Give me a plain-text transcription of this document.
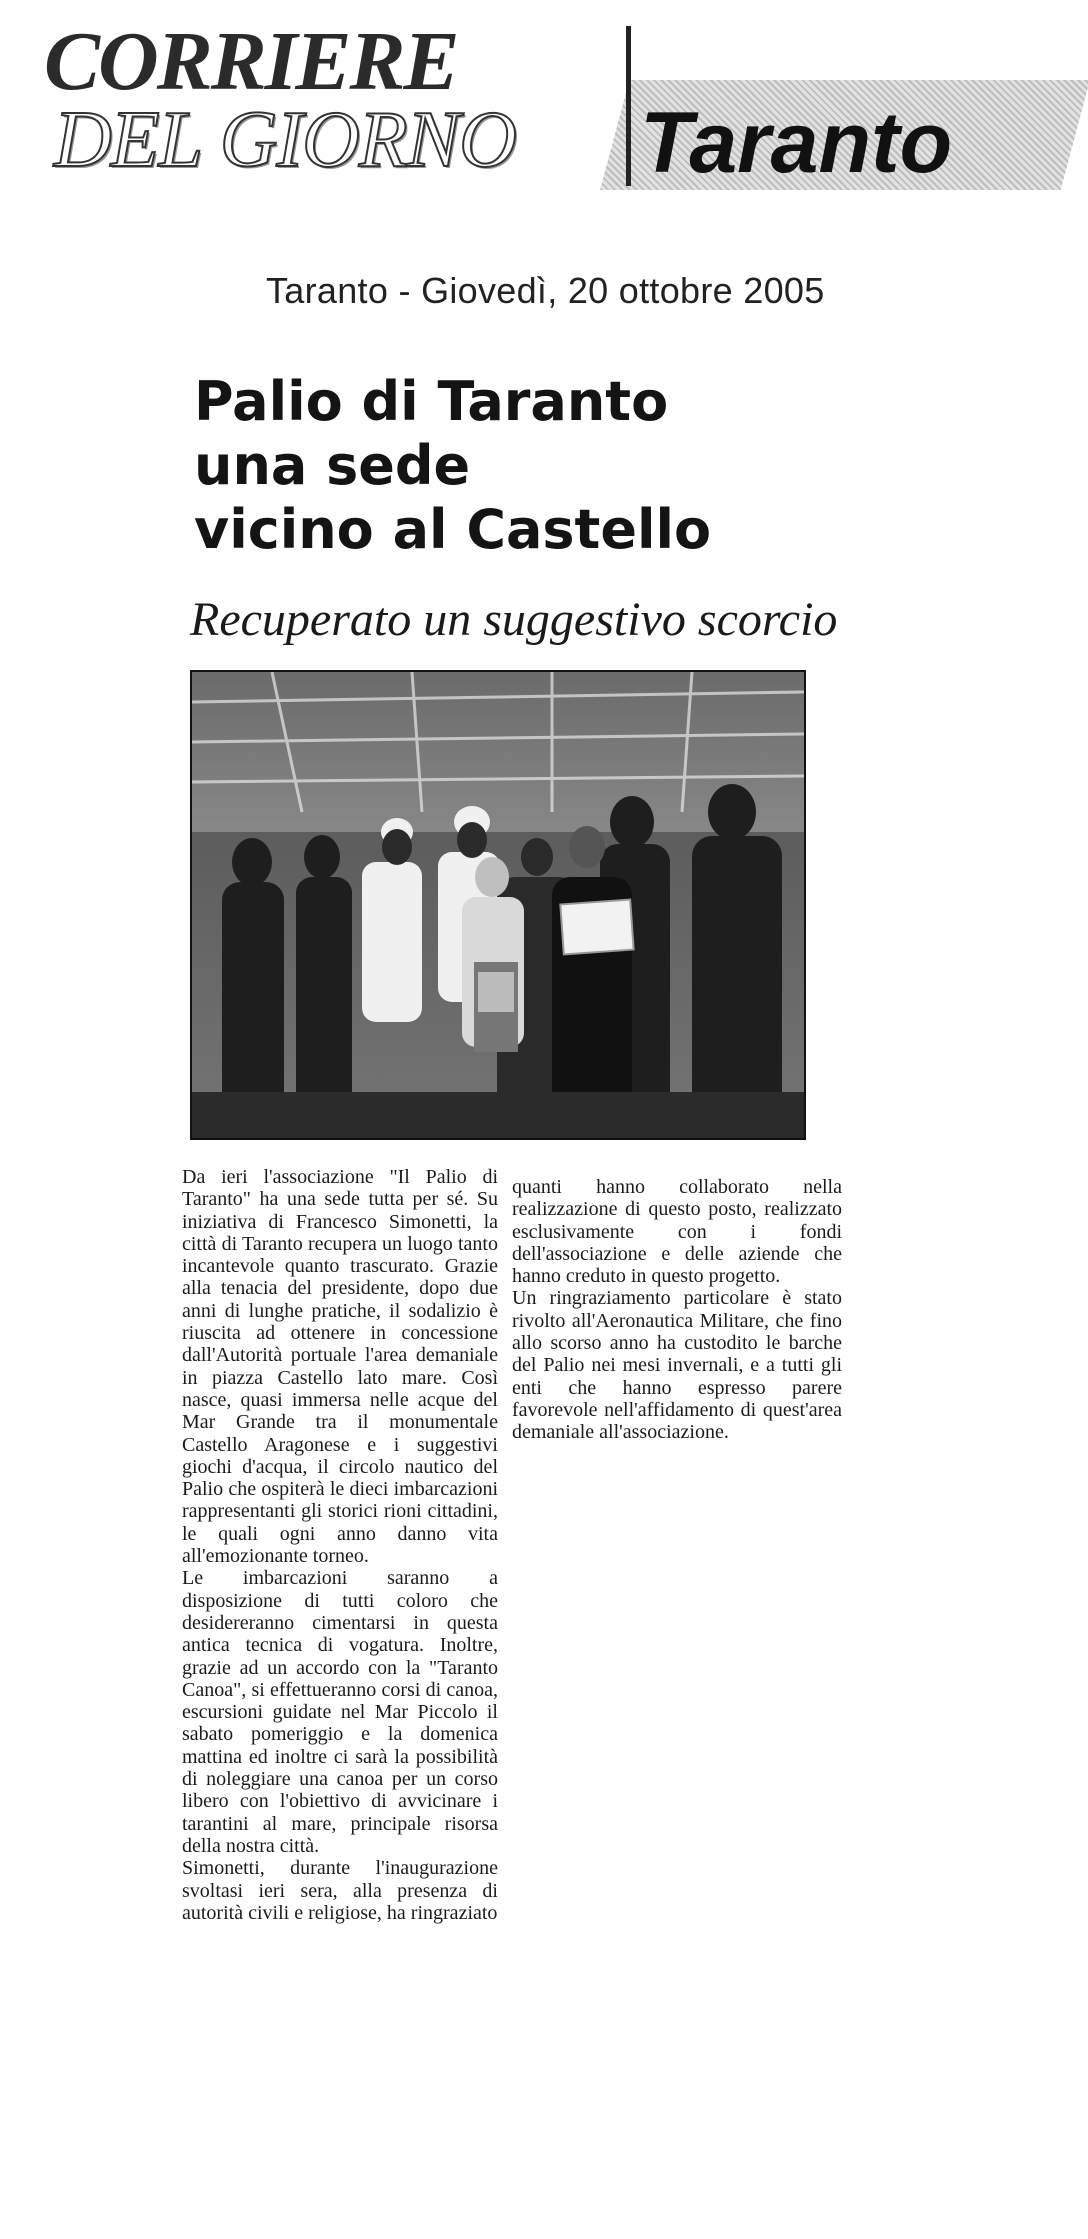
CORRIERE
DEL GIORNO Taranto
Taranto - Giovedì, 20 ottobre 2005
Palio di Taranto
una sede
vicino al Castello
Recuperato un suggestivo scorcio

Da ieri l'associazione "Il Palio di Taranto" ha una sede tutta per sé. Su iniziativa di Francesco Simonetti, la città di Taranto recupera un luogo tanto incantevole quanto trascurato. Grazie alla tenacia del presidente, dopo due anni di lunghe pratiche, il sodalizio è riuscita ad ottenere in concessione dall'Autorità portuale l'area demaniale in piazza Castello lato mare. Così nasce, quasi immersa nelle acque del Mar Grande tra il monumentale Castello Aragonese e i suggestivi giochi d'acqua, il circolo nautico del Palio che ospiterà le dieci imbarcazioni rappresentanti gli storici rioni cittadini, le quali ogni anno danno vita all'emozionante torneo.

Le imbarcazioni saranno a disposizione di tutti coloro che desidereranno cimentarsi in questa antica tecnica di vogatura. Inoltre, grazie ad un accordo con la "Taranto Canoa", si effettueranno corsi di canoa, escursioni guidate nel Mar Piccolo il sabato pomeriggio e la domenica mattina ed inoltre ci sarà la possibilità di noleggiare una canoa per un corso libero con l'obiettivo di avvicinare i tarantini al mare, principale risorsa della nostra città.

Simonetti, durante l'inaugurazione svoltasi ieri sera, alla presenza di autorità civili e religiose, ha ringraziato

quanti hanno collaborato nella realizzazione di questo posto, realizzato esclusivamente con i fondi dell'associazione e delle aziende che hanno creduto in questo progetto.

Un ringraziamento particolare è stato rivolto all'Aeronautica Militare, che fino allo scorso anno ha custodito le barche del Palio nei mesi invernali, e a tutti gli enti che hanno espresso parere favorevole nell'affidamento di quest'area demaniale all'associazione.
